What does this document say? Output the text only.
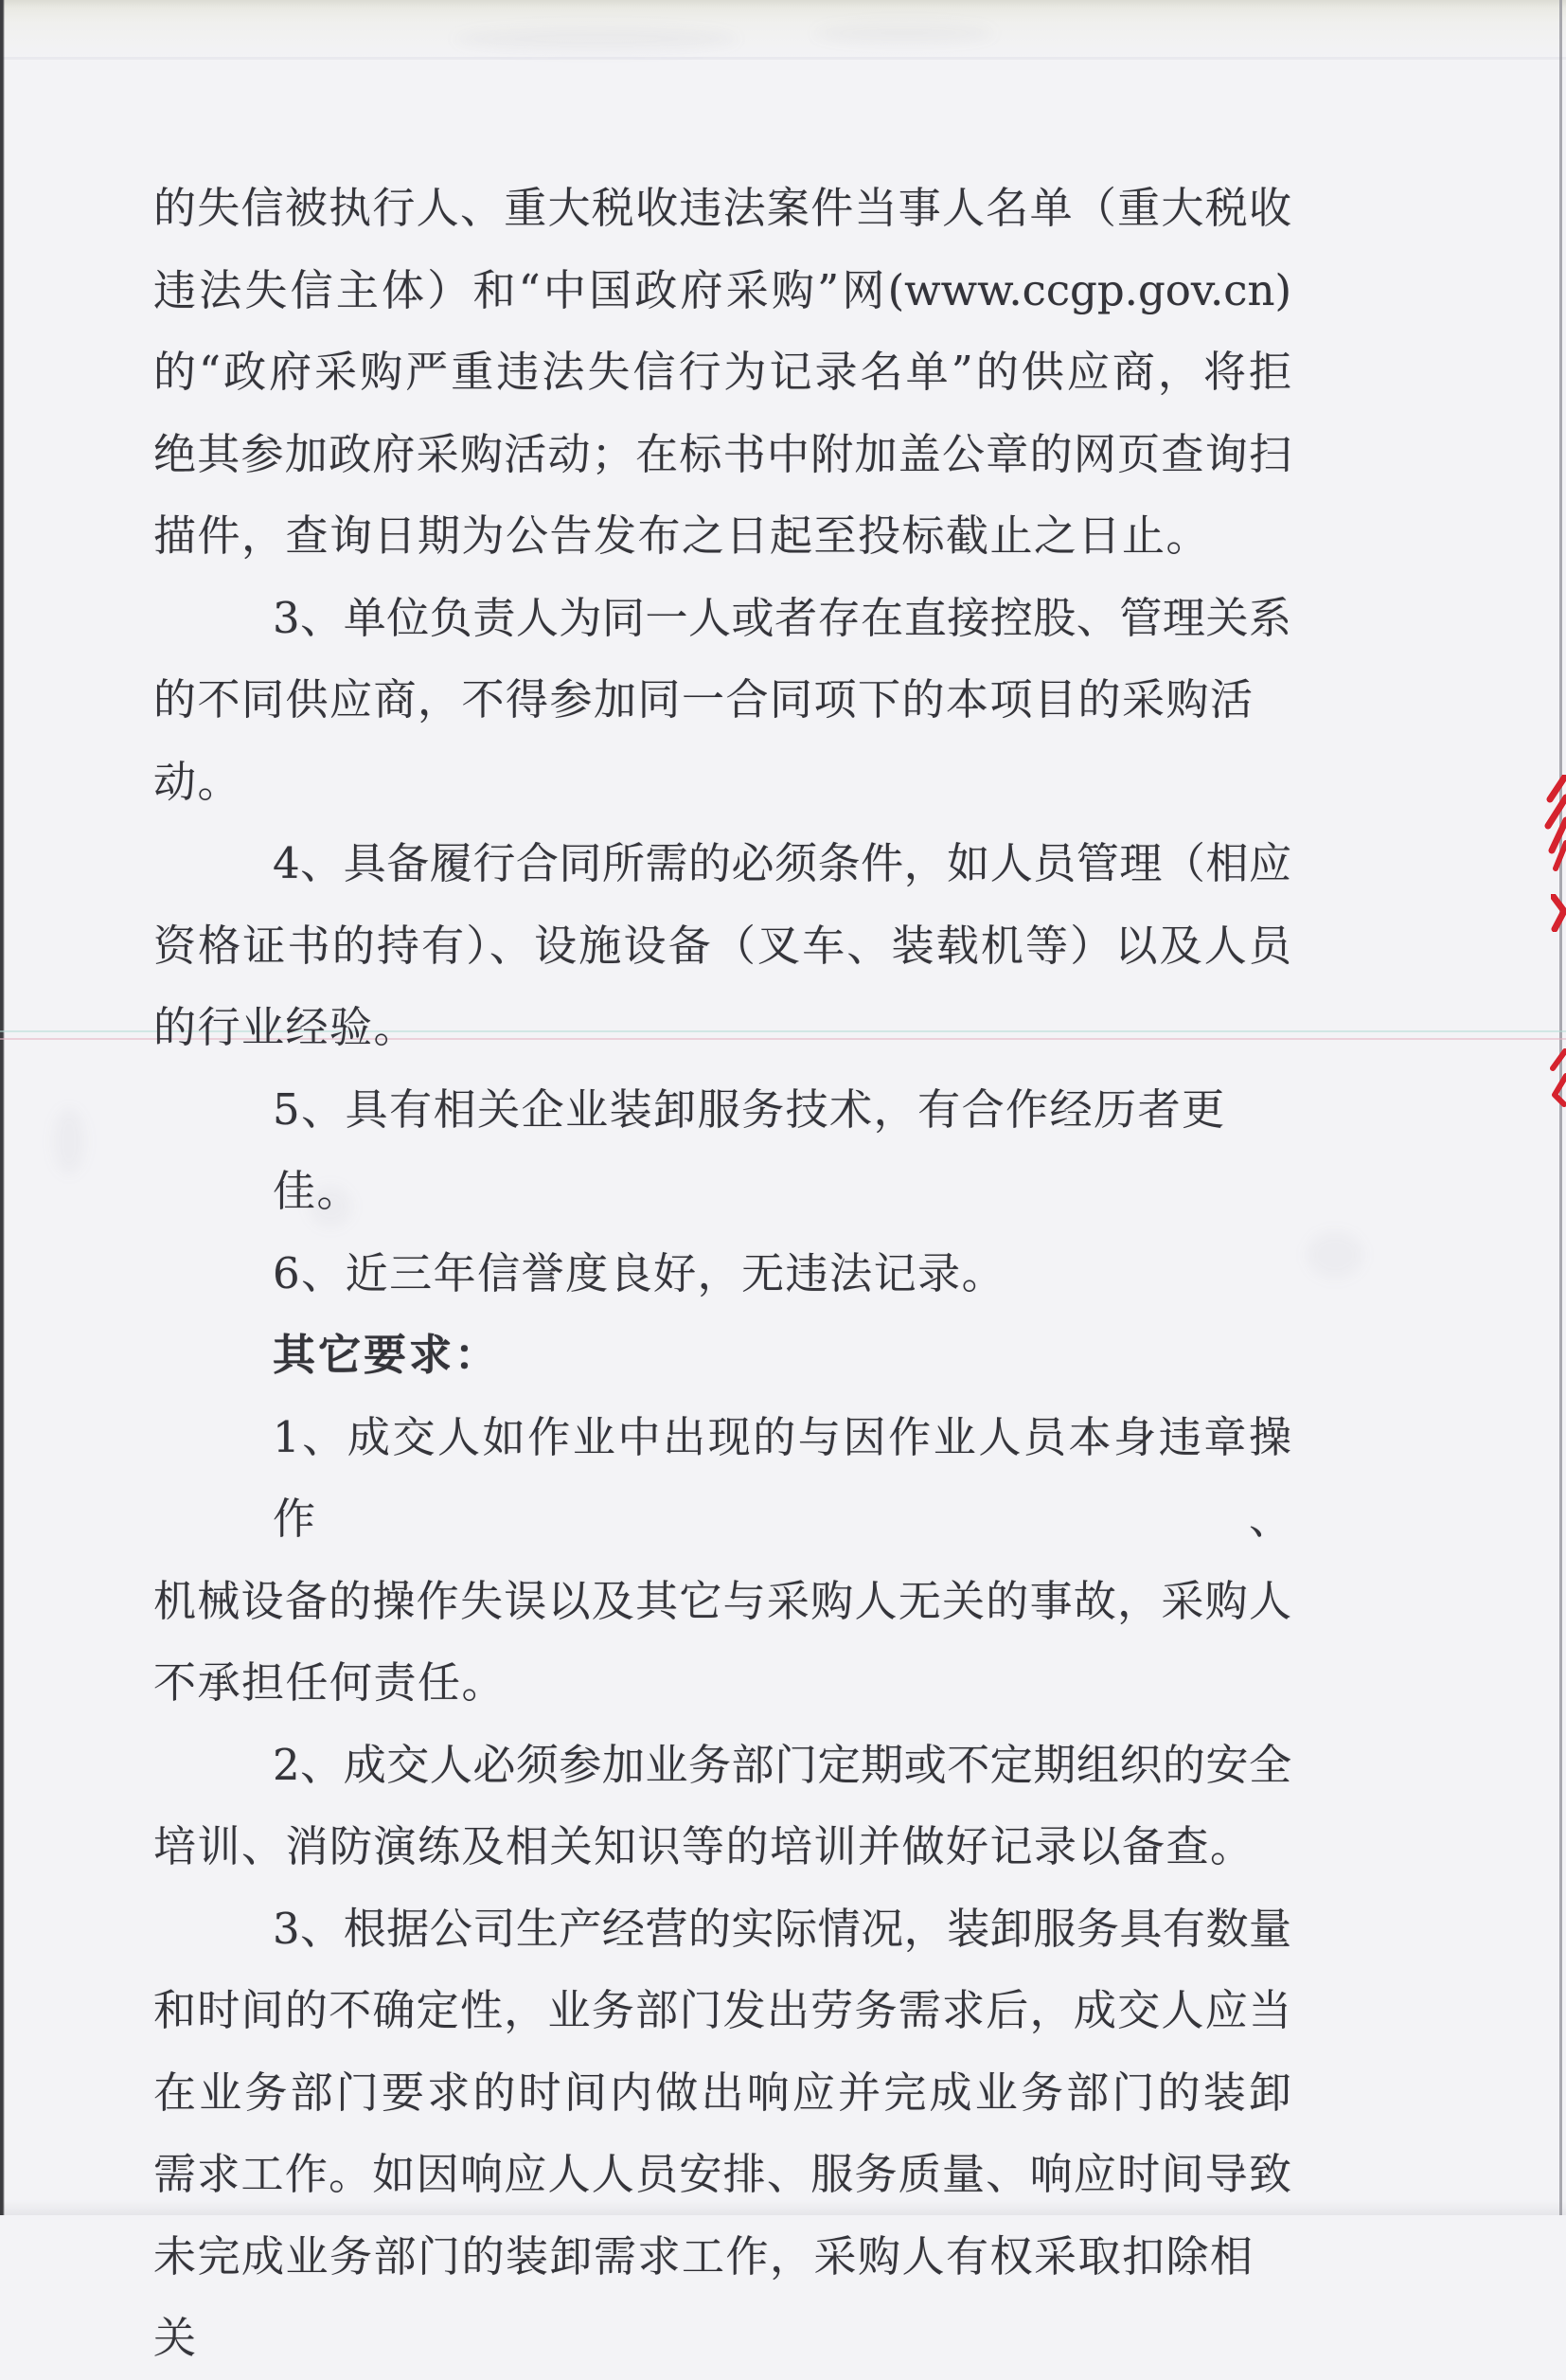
的失信被执行人、重大税收违法案件当事人名单（重大税收
违法失信主体）和“中国政府采购”网(www.ccgp.gov.cn)
的“政府采购严重违法失信行为记录名单”的供应商，将拒
绝其参加政府采购活动；在标书中附加盖公章的网页查询扫
描件，查询日期为公告发布之日起至投标截止之日止。
3、单位负责人为同一人或者存在直接控股、管理关系
的不同供应商，不得参加同一合同项下的本项目的采购活动。
4、具备履行合同所需的必须条件，如人员管理（相应
资格证书的持有）、设施设备（叉车、装载机等）以及人员
的行业经验。
5、具有相关企业装卸服务技术，有合作经历者更佳。
6、近三年信誉度良好，无违法记录。
其它要求：
1、成交人如作业中出现的与因作业人员本身违章操作、
机械设备的操作失误以及其它与采购人无关的事故，采购人
不承担任何责任。
2、成交人必须参加业务部门定期或不定期组织的安全
培训、消防演练及相关知识等的培训并做好记录以备查。
3、根据公司生产经营的实际情况，装卸服务具有数量
和时间的不确定性，业务部门发出劳务需求后，成交人应当
在业务部门要求的时间内做出响应并完成业务部门的装卸
需求工作。如因响应人人员安排、服务质量、响应时间导致
未完成业务部门的装卸需求工作，采购人有权采取扣除相关
